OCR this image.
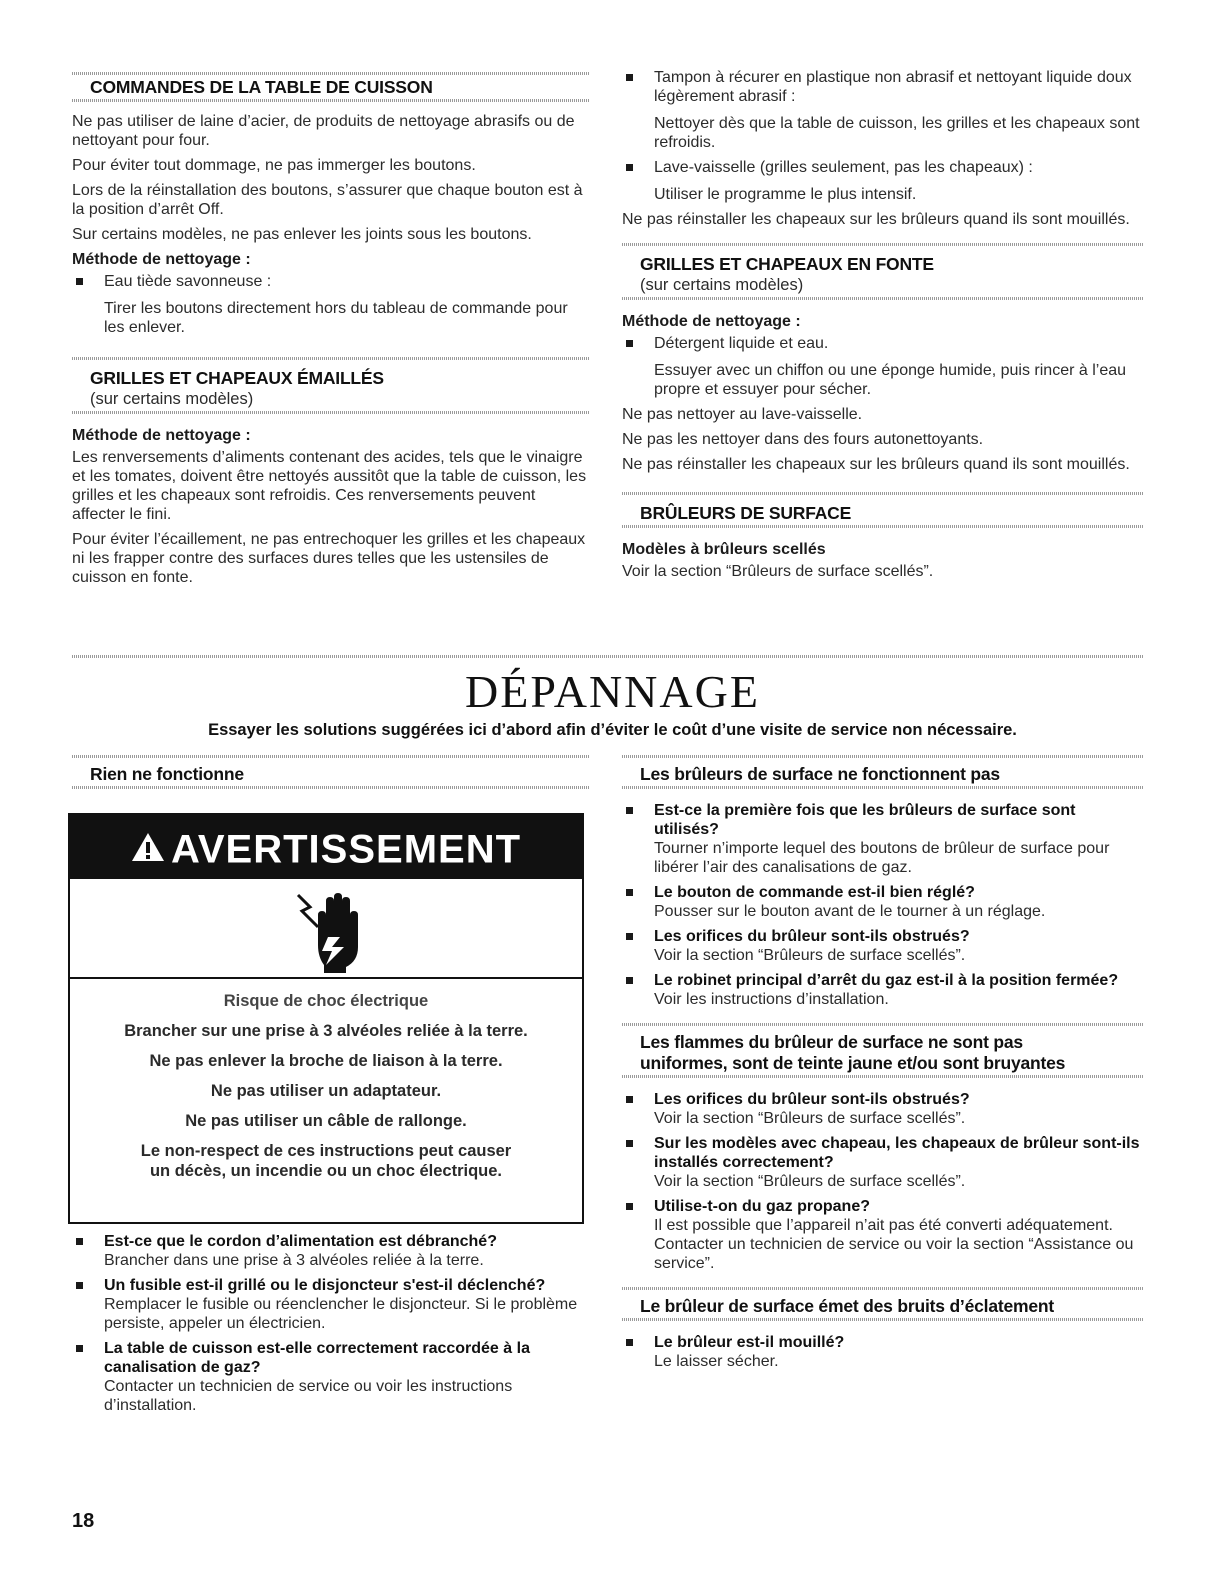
COMMANDES DE LA TABLE DE CUISSON

Ne pas utiliser de laine d’acier, de produits de nettoyage abrasifs ou de nettoyant pour four.

Pour éviter tout dommage, ne pas immerger les boutons.

Lors de la réinstallation des boutons, s’assurer que chaque bouton est à la position d’arrêt Off.

Sur certains modèles, ne pas enlever les joints sous les boutons.

Méthode de nettoyage :

Eau tiède savonneuse :

Tirer les boutons directement hors du tableau de commande pour les enlever.

GRILLES ET CHAPEAUX ÉMAILLÉS
(sur certains modèles)

Méthode de nettoyage :

Les renversements d’aliments contenant des acides, tels que le vinaigre et les tomates, doivent être nettoyés aussitôt que la table de cuisson, les grilles et les chapeaux sont refroidis. Ces renversements peuvent affecter le fini.

Pour éviter l’écaillement, ne pas entrechoquer les grilles et les chapeaux ni les frapper contre des surfaces dures telles que les ustensiles de cuisson en fonte.

Tampon à récurer en plastique non abrasif et nettoyant liquide doux légèrement abrasif :

Nettoyer dès que la table de cuisson, les grilles et les chapeaux sont refroidis.

Lave-vaisselle (grilles seulement, pas les chapeaux) :

Utiliser le programme le plus intensif.

Ne pas réinstaller les chapeaux sur les brûleurs quand ils sont mouillés.

GRILLES ET CHAPEAUX EN FONTE
(sur certains modèles)

Méthode de nettoyage :

Détergent liquide et eau.

Essuyer avec un chiffon ou une éponge humide, puis rincer à l’eau propre et essuyer pour sécher.

Ne pas nettoyer au lave-vaisselle.

Ne pas les nettoyer dans des fours autonettoyants.

Ne pas réinstaller les chapeaux sur les brûleurs quand ils sont mouillés.

BRÛLEURS DE SURFACE

Modèles à brûleurs scellés

Voir la section “Brûleurs de surface scellés”.

DÉPANNAGE
Essayer les solutions suggérées ici d’abord afin d’éviter le coût d’une visite de service non nécessaire.
Rien ne fonctionne
AVERTISSEMENT
Risque de choc électrique
Brancher sur une prise à 3 alvéoles reliée à la terre.
Ne pas enlever la broche de liaison à la terre.
Ne pas utiliser un adaptateur.
Ne pas utiliser un câble de rallonge.
Le non-respect de ces instructions peut causer
un décès, un incendie ou un choc électrique.
Est-ce que le cordon d’alimentation est débranché?
Brancher dans une prise à 3 alvéoles reliée à la terre.
Un fusible est-il grillé ou le disjoncteur s'est-il déclenché?
Remplacer le fusible ou réenclencher le disjoncteur. Si le problème persiste, appeler un électricien.
La table de cuisson est-elle correctement raccordée à la canalisation de gaz?
Contacter un technicien de service ou voir les instructions d’installation.
Les brûleurs de surface ne fonctionnent pas
Est-ce la première fois que les brûleurs de surface sont utilisés?
Tourner n’importe lequel des boutons de brûleur de surface pour libérer l’air des canalisations de gaz.
Le bouton de commande est-il bien réglé?
Pousser sur le bouton avant de le tourner à un réglage.
Les orifices du brûleur sont-ils obstrués?
Voir la section “Brûleurs de surface scellés”.
Le robinet principal d’arrêt du gaz est-il à la position fermée?
Voir les instructions d’installation.
Les flammes du brûleur de surface ne sont pas
uniformes, sont de teinte jaune et/ou sont bruyantes
Les orifices du brûleur sont-ils obstrués?
Voir la section “Brûleurs de surface scellés”.
Sur les modèles avec chapeau, les chapeaux de brûleur sont-ils installés correctement?
Voir la section “Brûleurs de surface scellés”.
Utilise-t-on du gaz propane?
Il est possible que l’appareil n’ait pas été converti adéquatement. Contacter un technicien de service ou voir la section “Assistance ou service”.
Le brûleur de surface émet des bruits d’éclatement
Le brûleur est-il mouillé?
Le laisser sécher.
18
